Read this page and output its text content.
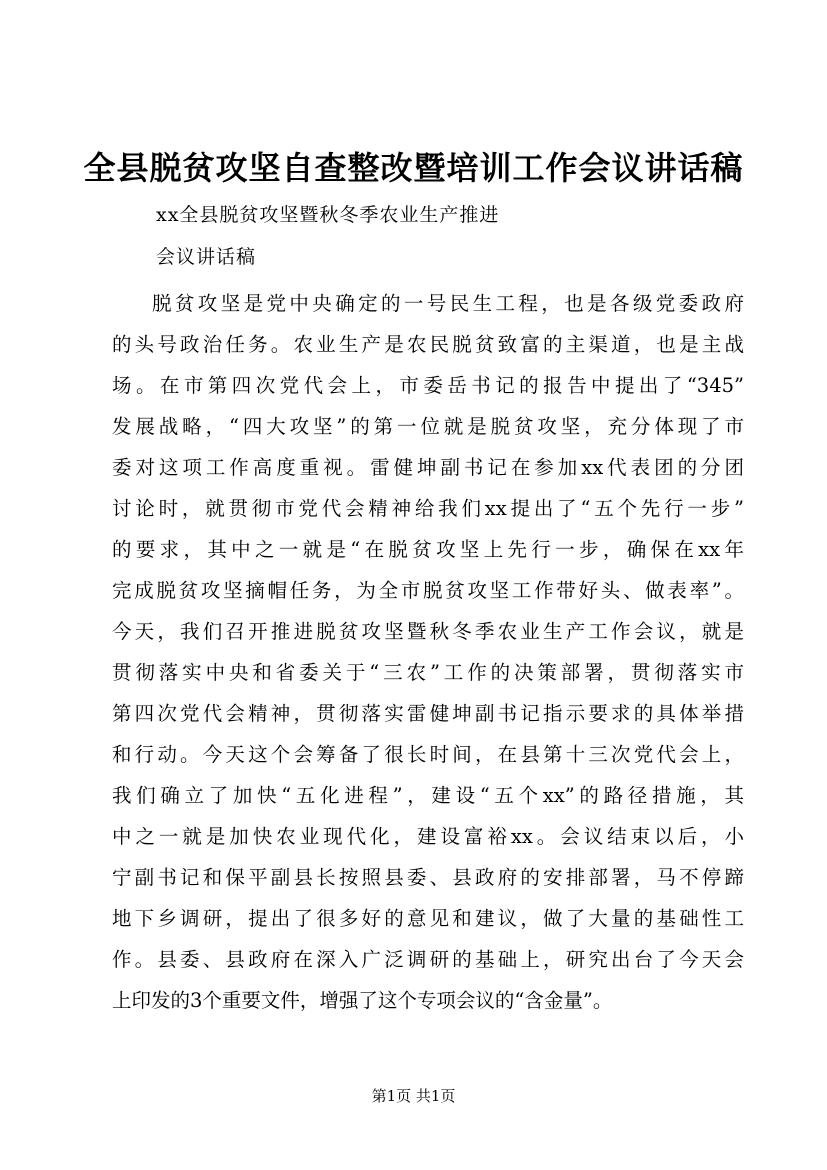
全县脱贫攻坚自查整改暨培训工作会议讲话稿

xx全县脱贫攻坚暨秋冬季农业生产推进

会议讲话稿

脱贫攻坚是党中央确定的一号民生工程，也是各级党委政府
的头号政治任务。农业生产是农民脱贫致富的主渠道，也是主战
场。在市第四次党代会上，市委岳书记的报告中提出了“345”
发展战略，“四大攻坚”的第一位就是脱贫攻坚，充分体现了市
委对这项工作高度重视。雷健坤副书记在参加xx代表团的分团
讨论时，就贯彻市党代会精神给我们xx提出了“五个先行一步”
的要求，其中之一就是“在脱贫攻坚上先行一步，确保在xx年
完成脱贫攻坚摘帽任务，为全市脱贫攻坚工作带好头、做表率”。
今天，我们召开推进脱贫攻坚暨秋冬季农业生产工作会议，就是
贯彻落实中央和省委关于“三农”工作的决策部署，贯彻落实市
第四次党代会精神，贯彻落实雷健坤副书记指示要求的具体举措
和行动。今天这个会筹备了很长时间，在县第十三次党代会上，
我们确立了加快“五化进程”，建设“五个xx”的路径措施，其
中之一就是加快农业现代化，建设富裕xx。会议结束以后，小
宁副书记和保平副县长按照县委、县政府的安排部署，马不停蹄
地下乡调研，提出了很多好的意见和建议，做了大量的基础性工
作。县委、县政府在深入广泛调研的基础上，研究出台了今天会
上印发的3个重要文件，增强了这个专项会议的“含金量”。
第1页 共1页
